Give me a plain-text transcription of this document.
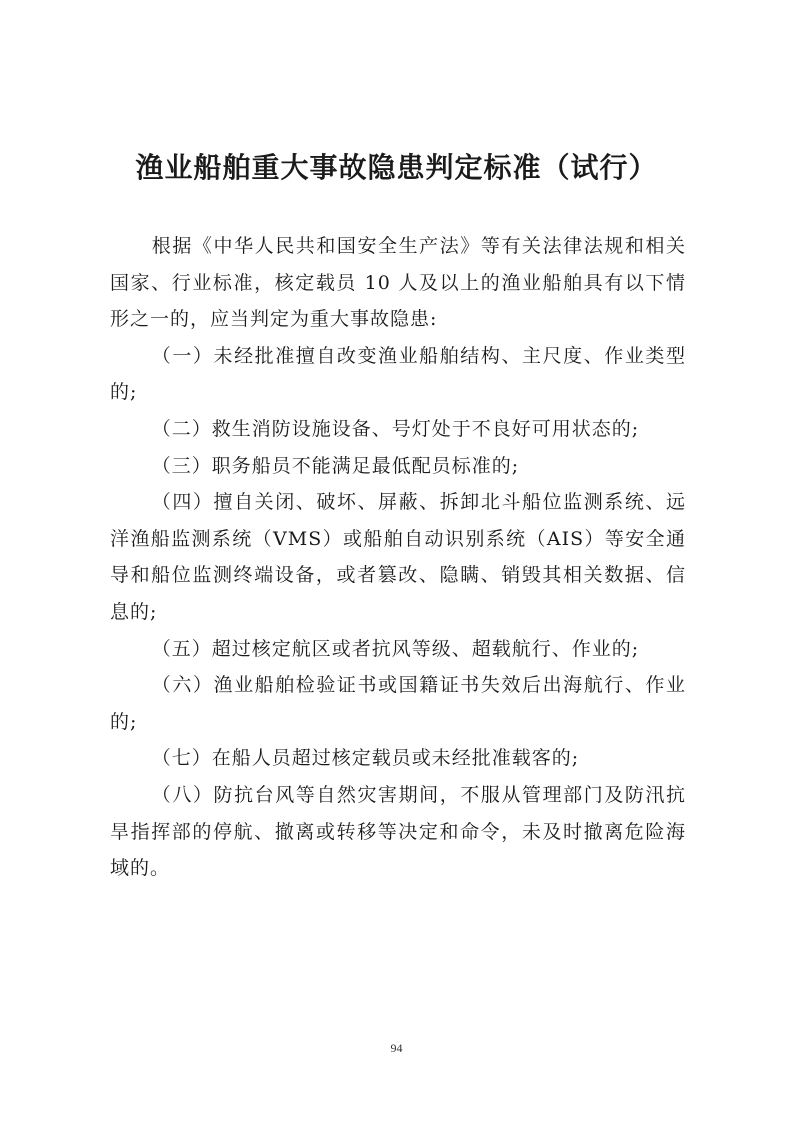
渔业船舶重大事故隐患判定标准（试行）

根据《中华人民共和国安全生产法》等有关法律法规和相关国家、行业标准，核定载员 10 人及以上的渔业船舶具有以下情形之一的，应当判定为重大事故隐患:

（一）未经批准擅自改变渔业船舶结构、主尺度、作业类型的;

（二）救生消防设施设备、号灯处于不良好可用状态的;

（三）职务船员不能满足最低配员标准的;

（四）擅自关闭、破坏、屏蔽、拆卸北斗船位监测系统、远洋渔船监测系统（VMS）或船舶自动识别系统（AIS）等安全通导和船位监测终端设备，或者篡改、隐瞒、销毁其相关数据、信息的;

（五）超过核定航区或者抗风等级、超载航行、作业的;

（六）渔业船舶检验证书或国籍证书失效后出海航行、作业的;

（七）在船人员超过核定载员或未经批准载客的;

（八）防抗台风等自然灾害期间，不服从管理部门及防汛抗旱指挥部的停航、撤离或转移等决定和命令，未及时撤离危险海域的。

94
